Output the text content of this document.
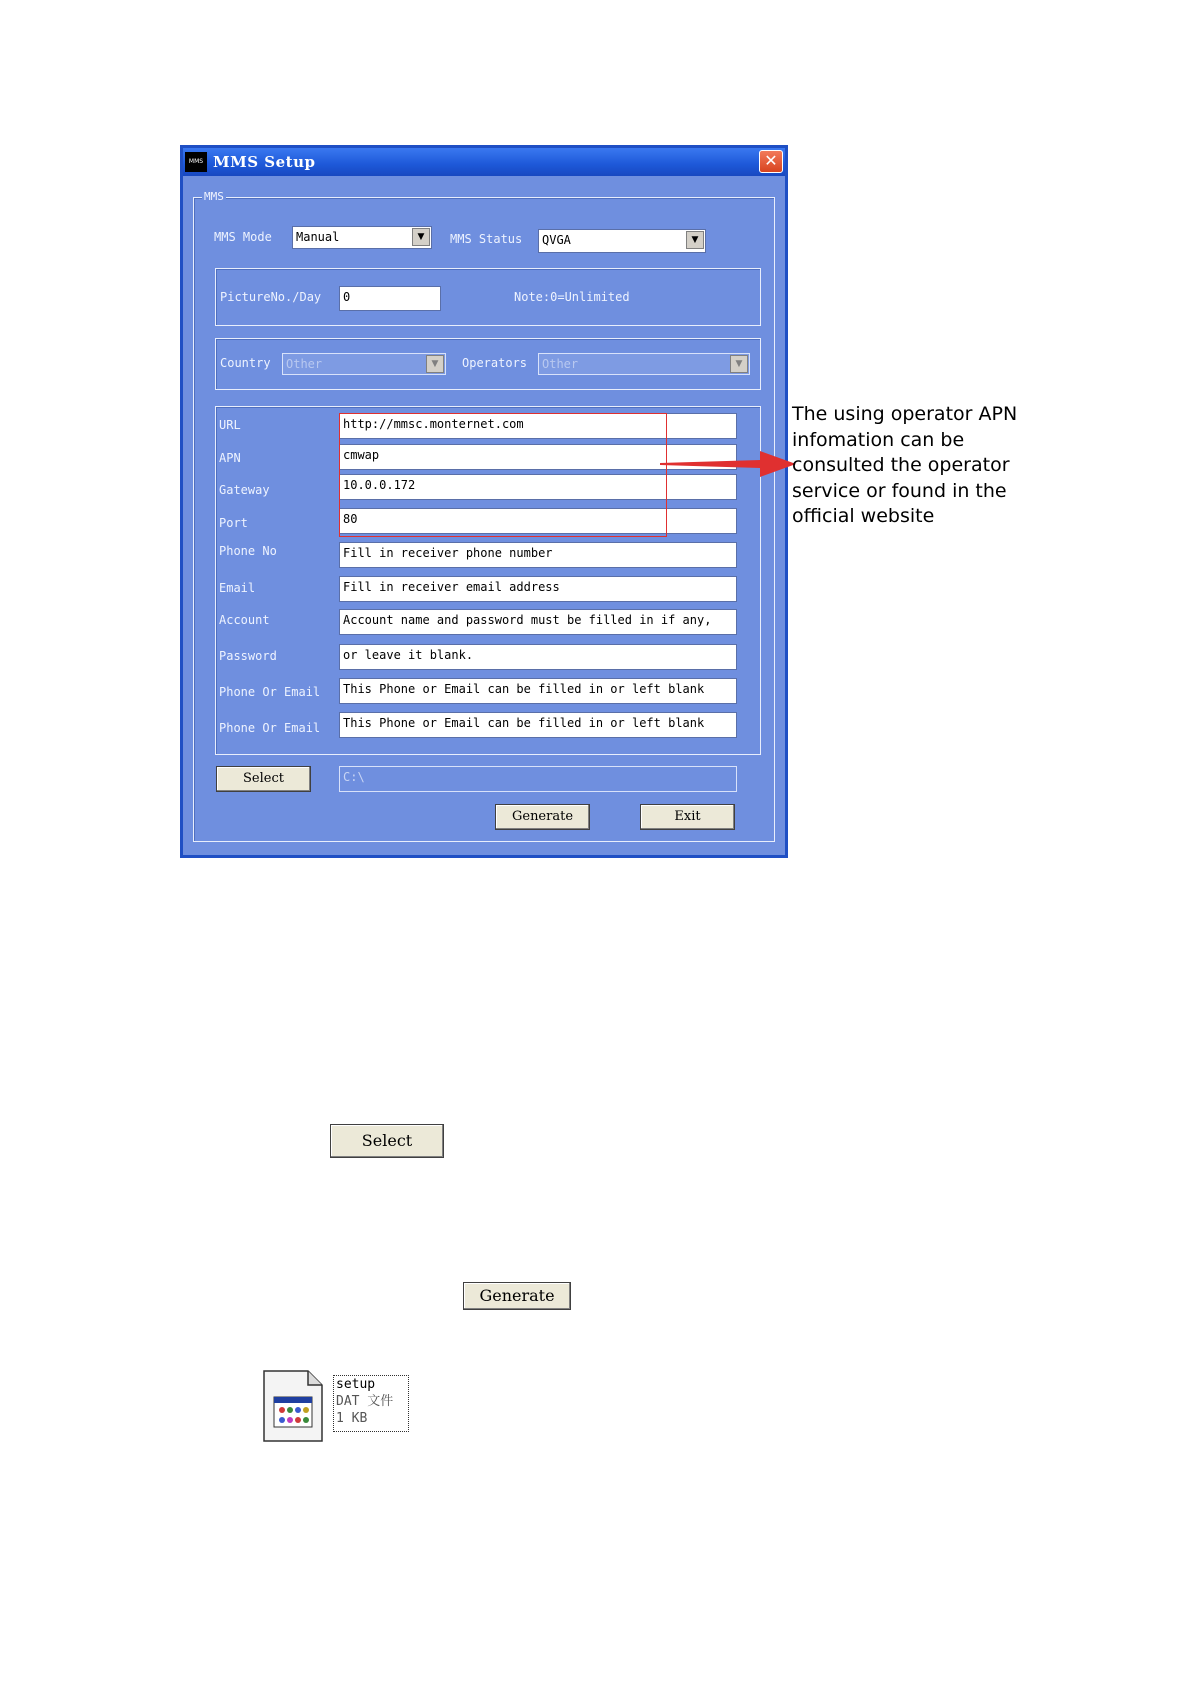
MMS MMS Setup	✕
MMS
MMS Mode	Manual	▼	MMS Status	QVGA	▼
PictureNo./Day	0	Note:0=Unlimited
Country	Other	▼	Operators	Other	▼
URL	http://mmsc.monternet.com
APN	cmwap
Gateway	10.0.0.172
Port	80
Phone No	Fill in receiver phone number
Email	Fill in receiver email address
Account	Account name and password must be filled in if any,
Password	or leave it blank.
Phone Or Email	This Phone or Email can be filled in or left blank
Phone Or Email	This Phone or Email can be filled in or left blank
Select	C:\
Generate	Exit
The using operator APN
infomation can be
consulted the operator
service or found in the
official website
Select
Generate
setup
DAT 文件
1 KB
